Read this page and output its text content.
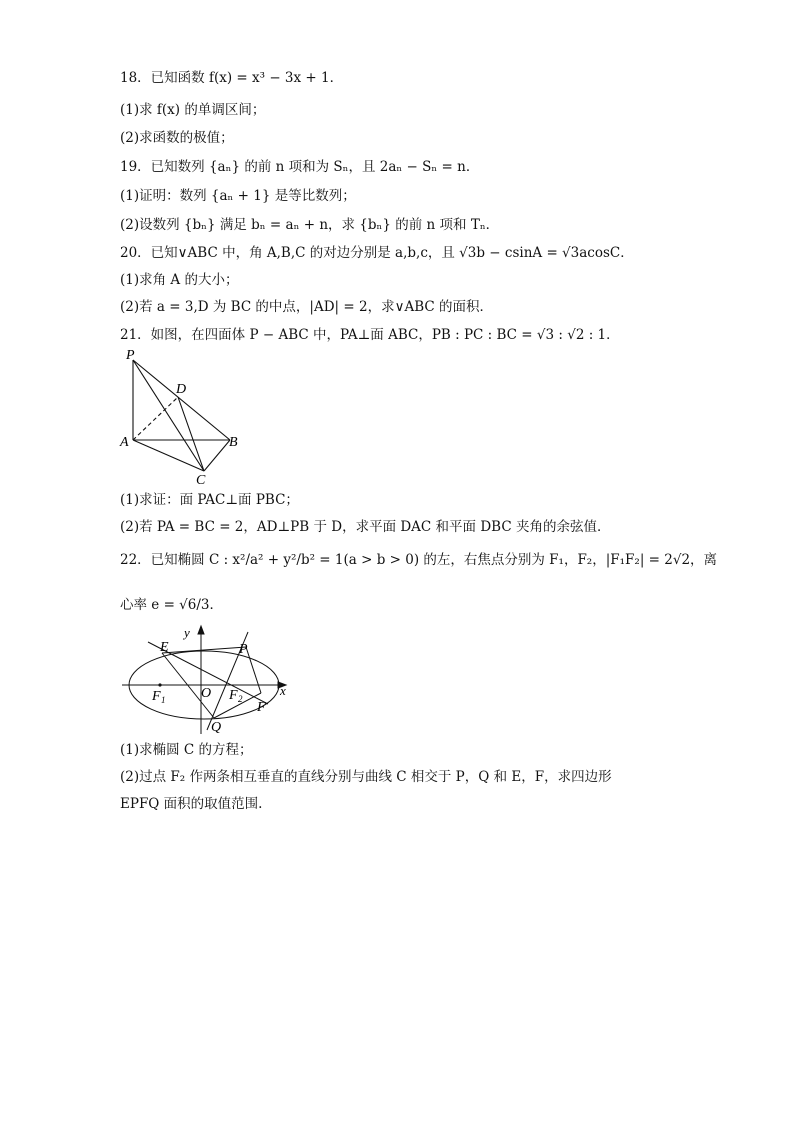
18．已知函数 f(x) = x³ − 3x + 1．
(1)求 f(x) 的单调区间；
(2)求函数的极值；
19．已知数列 {aₙ} 的前 n 项和为 Sₙ，且 2aₙ − Sₙ = n．
(1)证明：数列 {aₙ + 1} 是等比数列；
(2)设数列 {bₙ} 满足 bₙ = aₙ + n，求 {bₙ} 的前 n 项和 Tₙ．
20．已知∨ABC 中，角 A,B,C 的对边分别是 a,b,c，且 √3b − csinA = √3acosC．
(1)求角 A 的大小；
(2)若 a = 3,D 为 BC 的中点，|AD| = 2，求∨ABC 的面积．
21．如图，在四面体 P − ABC 中，PA⊥面 ABC，PB : PC : BC = √3 : √2 : 1．
P
D
A	B
C
(1)求证：面 PAC⊥面 PBC；
(2)若 PA = BC = 2，AD⊥PB 于 D，求平面 DAC 和平面 DBC 夹角的余弦值．
22．已知椭圆 C : x²/a² + y²/b² = 1(a > b > 0) 的左，右焦点分别为 F₁，F₂，|F₁F₂| = 2√2，离
心率 e = √6/3．
y
x
E	P
F 1	O F 2
F
Q
(1)求椭圆 C 的方程；
(2)过点 F₂ 作两条相互垂直的直线分别与曲线 C 相交于 P，Q 和 E，F，求四边形
EPFQ 面积的取值范围.
